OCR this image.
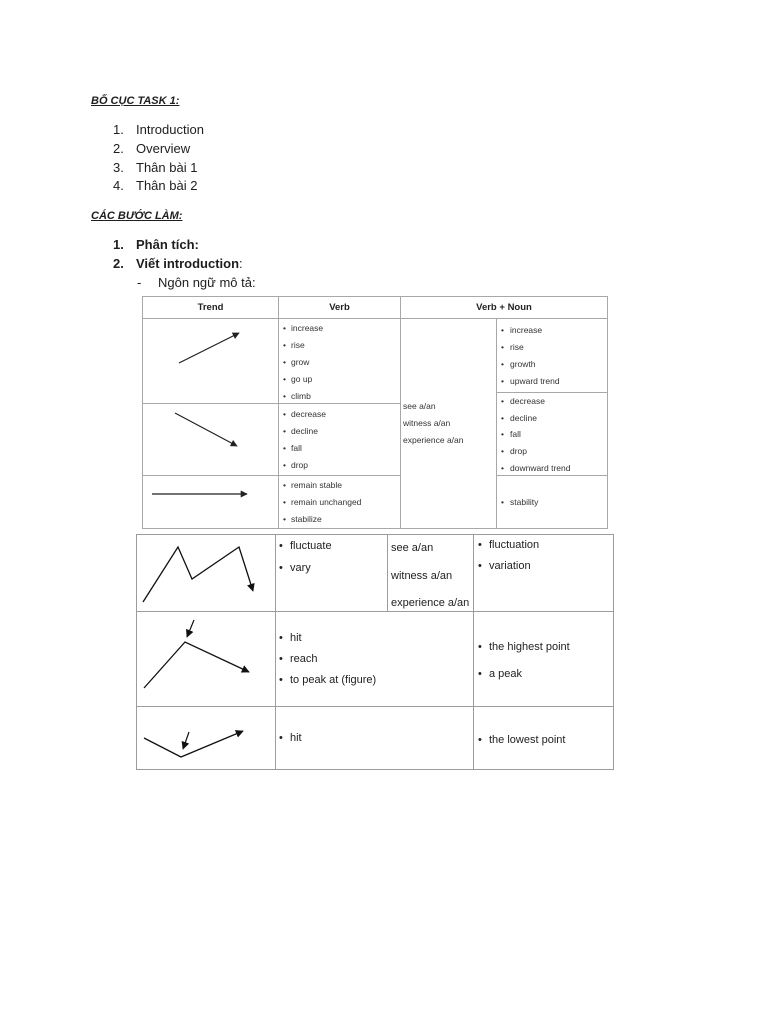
BỐ CỤC TASK 1:
1. Introduction
2. Overview
3. Thân bài 1
4. Thân bài 2
CÁC BƯỚC LÀM:
1. Phân tích:
2. Viết introduction:
- Ngôn ngữ mô tả:
Trend	Verb	Verb + Noun
• increase
• rise
• grow
• go up
• climb
• decrease
• decline
• fall
• drop
• remain stable
• remain unchanged
• stabilize
see a/an
witness a/an
experience a/an
• increase
• rise
• growth
• upward trend
• decrease
• decline
• fall
• drop
• downward trend
• stability
• fluctuate
• vary
see a/an
witness a/an
experience a/an
• fluctuation
• variation
• hit
• reach
• to peak at (figure)
• the highest point
• a peak
• hit
•	the lowest point
